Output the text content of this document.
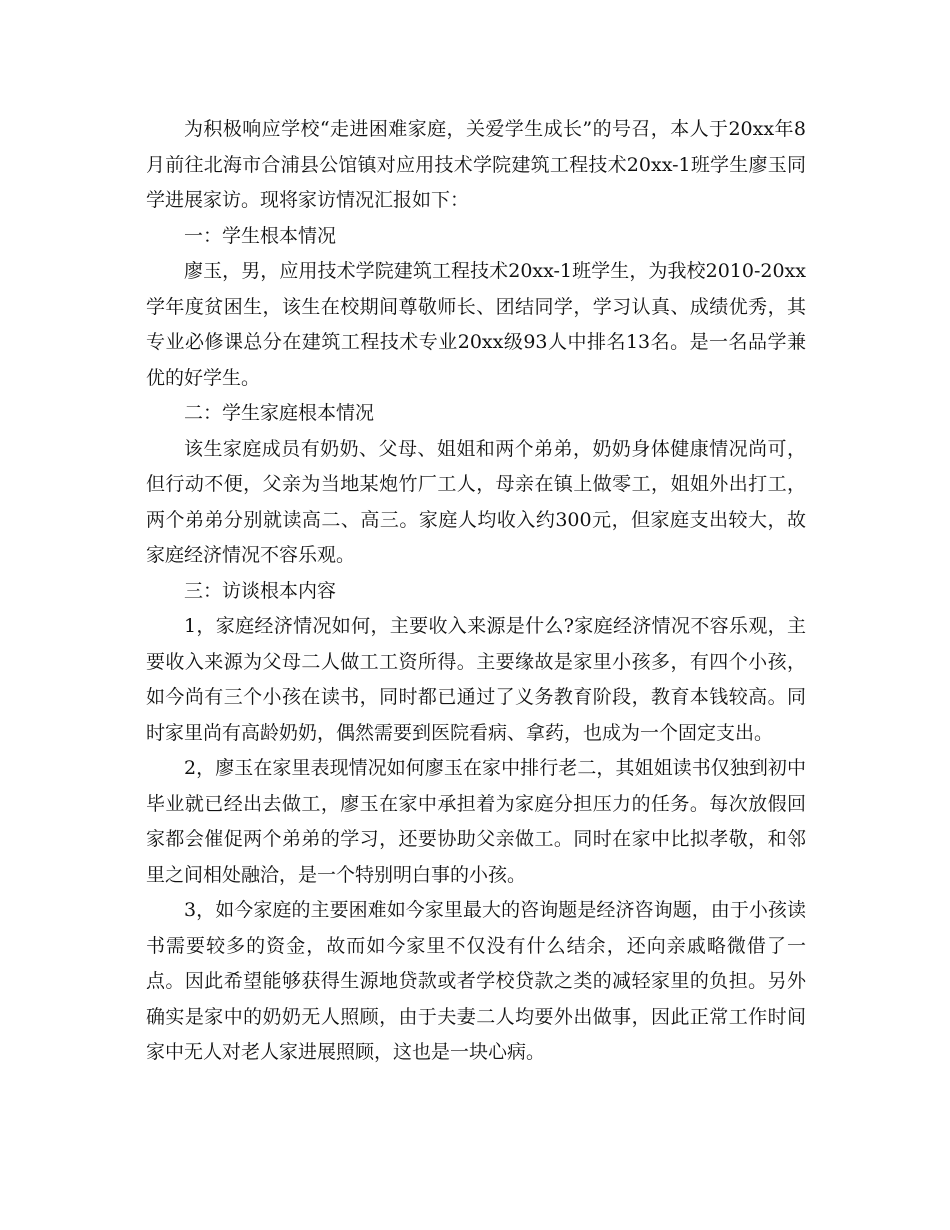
为积极响应学校“走进困难家庭，关爱学生成长”的号召，本人于20xx年8月前往北海市合浦县公馆镇对应用技术学院建筑工程技术20xx-1班学生廖玉同学进展家访。现将家访情况汇报如下：

一：学生根本情况

廖玉，男，应用技术学院建筑工程技术20xx-1班学生，为我校2010-20xx学年度贫困生，该生在校期间尊敬师长、团结同学，学习认真、成绩优秀，其专业必修课总分在建筑工程技术专业20xx级93人中排名13名。是一名品学兼优的好学生。

二：学生家庭根本情况

该生家庭成员有奶奶、父母、姐姐和两个弟弟，奶奶身体健康情况尚可，但行动不便，父亲为当地某炮竹厂工人，母亲在镇上做零工，姐姐外出打工，两个弟弟分别就读高二、高三。家庭人均收入约300元，但家庭支出较大，故家庭经济情况不容乐观。

三：访谈根本内容

1，家庭经济情况如何，主要收入来源是什么?家庭经济情况不容乐观，主要收入来源为父母二人做工工资所得。主要缘故是家里小孩多，有四个小孩，如今尚有三个小孩在读书，同时都已通过了义务教育阶段，教育本钱较高。同时家里尚有高龄奶奶，偶然需要到医院看病、拿药，也成为一个固定支出。

2，廖玉在家里表现情况如何廖玉在家中排行老二，其姐姐读书仅独到初中毕业就已经出去做工，廖玉在家中承担着为家庭分担压力的任务。每次放假回家都会催促两个弟弟的学习，还要协助父亲做工。同时在家中比拟孝敬，和邻里之间相处融洽，是一个特别明白事的小孩。

3，如今家庭的主要困难如今家里最大的咨询题是经济咨询题，由于小孩读书需要较多的资金，故而如今家里不仅没有什么结余，还向亲戚略微借了一点。因此希望能够获得生源地贷款或者学校贷款之类的减轻家里的负担。另外确实是家中的奶奶无人照顾，由于夫妻二人均要外出做事，因此正常工作时间家中无人对老人家进展照顾，这也是一块心病。
